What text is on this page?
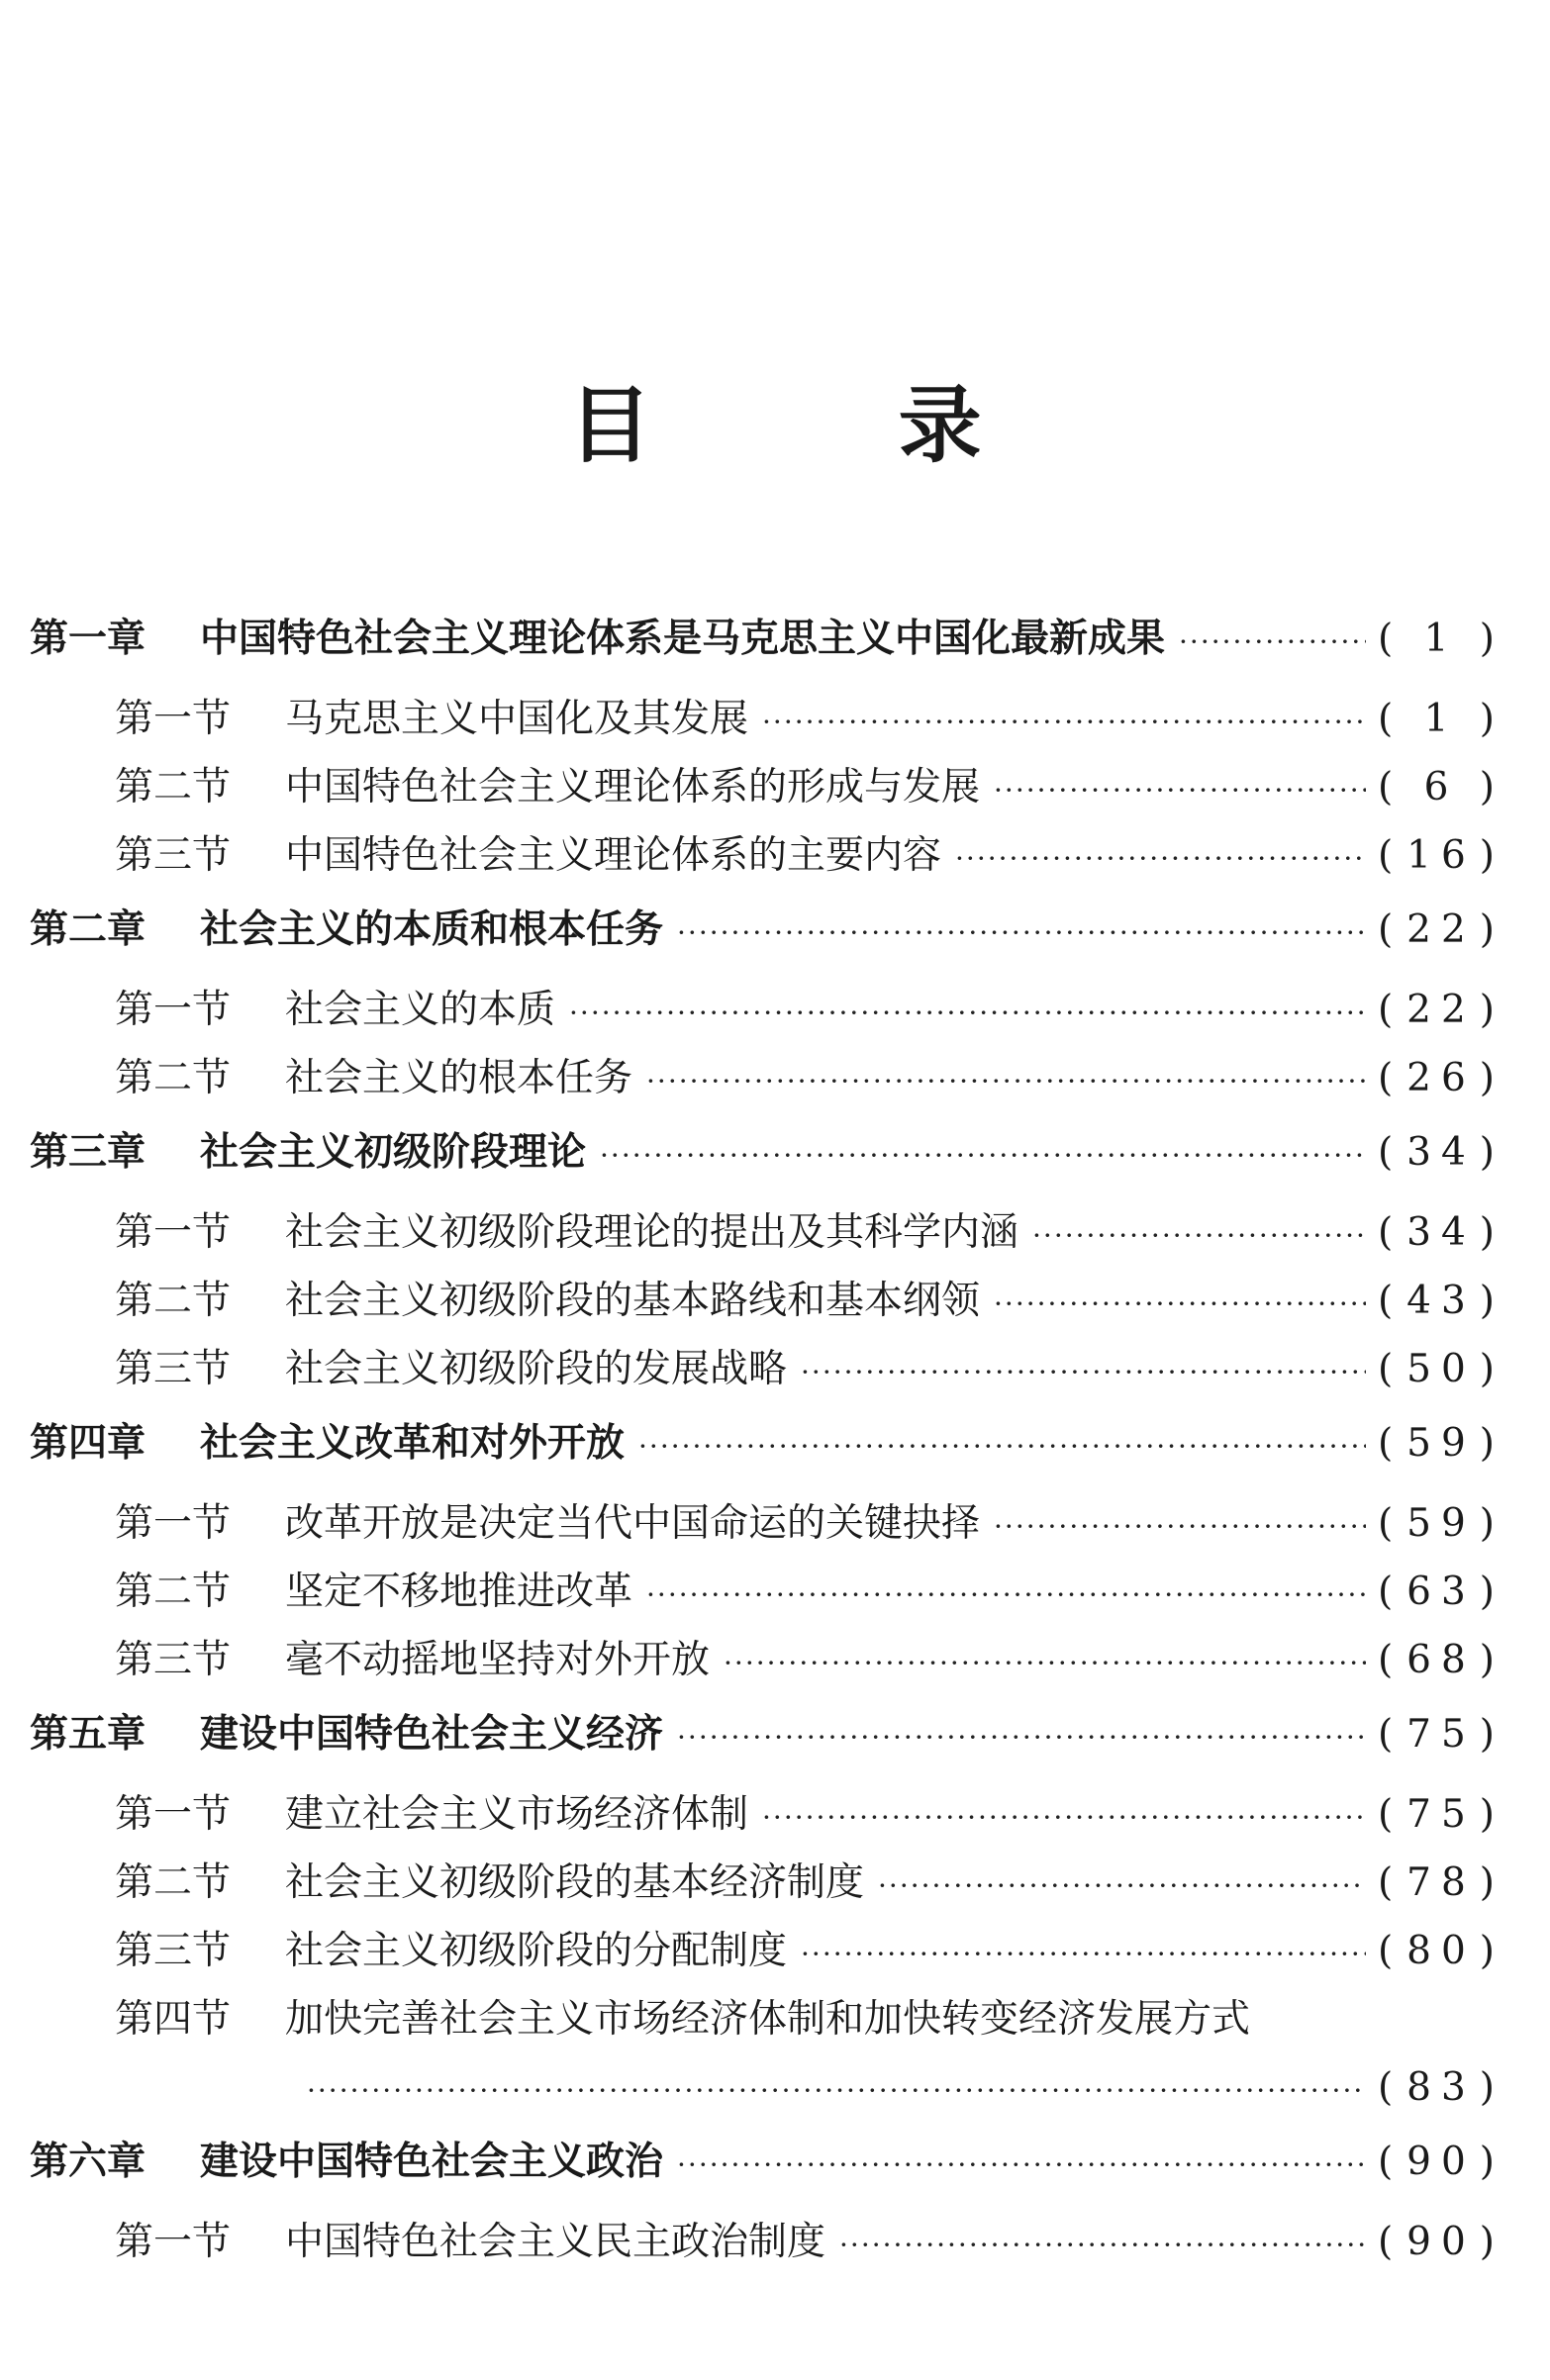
目 录
第一章	中国特色社会主义理论体系是马克思主义中国化最新成果 ·····	( 1 )
第一节	马克思主义中国化及其发展 ·····	( 1 )
第二节	中国特色社会主义理论体系的形成与发展 ·····	( 6 )
第三节	中国特色社会主义理论体系的主要内容 ·····	( 16 )
第二章	社会主义的本质和根本任务 ·····	( 22 )
第一节	社会主义的本质 ·····	( 22 )
第二节	社会主义的根本任务 ·····	( 26 )
第三章	社会主义初级阶段理论 ·····	( 34 )
第一节	社会主义初级阶段理论的提出及其科学内涵 ·····	( 34 )
第二节	社会主义初级阶段的基本路线和基本纲领 ·····	( 43 )
第三节	社会主义初级阶段的发展战略 ·····	( 50 )
第四章	社会主义改革和对外开放 ·····	( 59 )
第一节	改革开放是决定当代中国命运的关键抉择 ·····	( 59 )
第二节	坚定不移地推进改革 ·····	( 63 )
第三节	毫不动摇地坚持对外开放 ·····	( 68 )
第五章	建设中国特色社会主义经济 ·····	( 75 )
第一节	建立社会主义市场经济体制 ·····	( 75 )
第二节	社会主义初级阶段的基本经济制度 ·····	( 78 )
第三节	社会主义初级阶段的分配制度 ·····	( 80 )
第四节	加快完善社会主义市场经济体制和加快转变经济发展方式
·····
( 83 )
第六章	建设中国特色社会主义政治 ·····	( 90 )
第一节	中国特色社会主义民主政治制度 ·····	( 90 )
